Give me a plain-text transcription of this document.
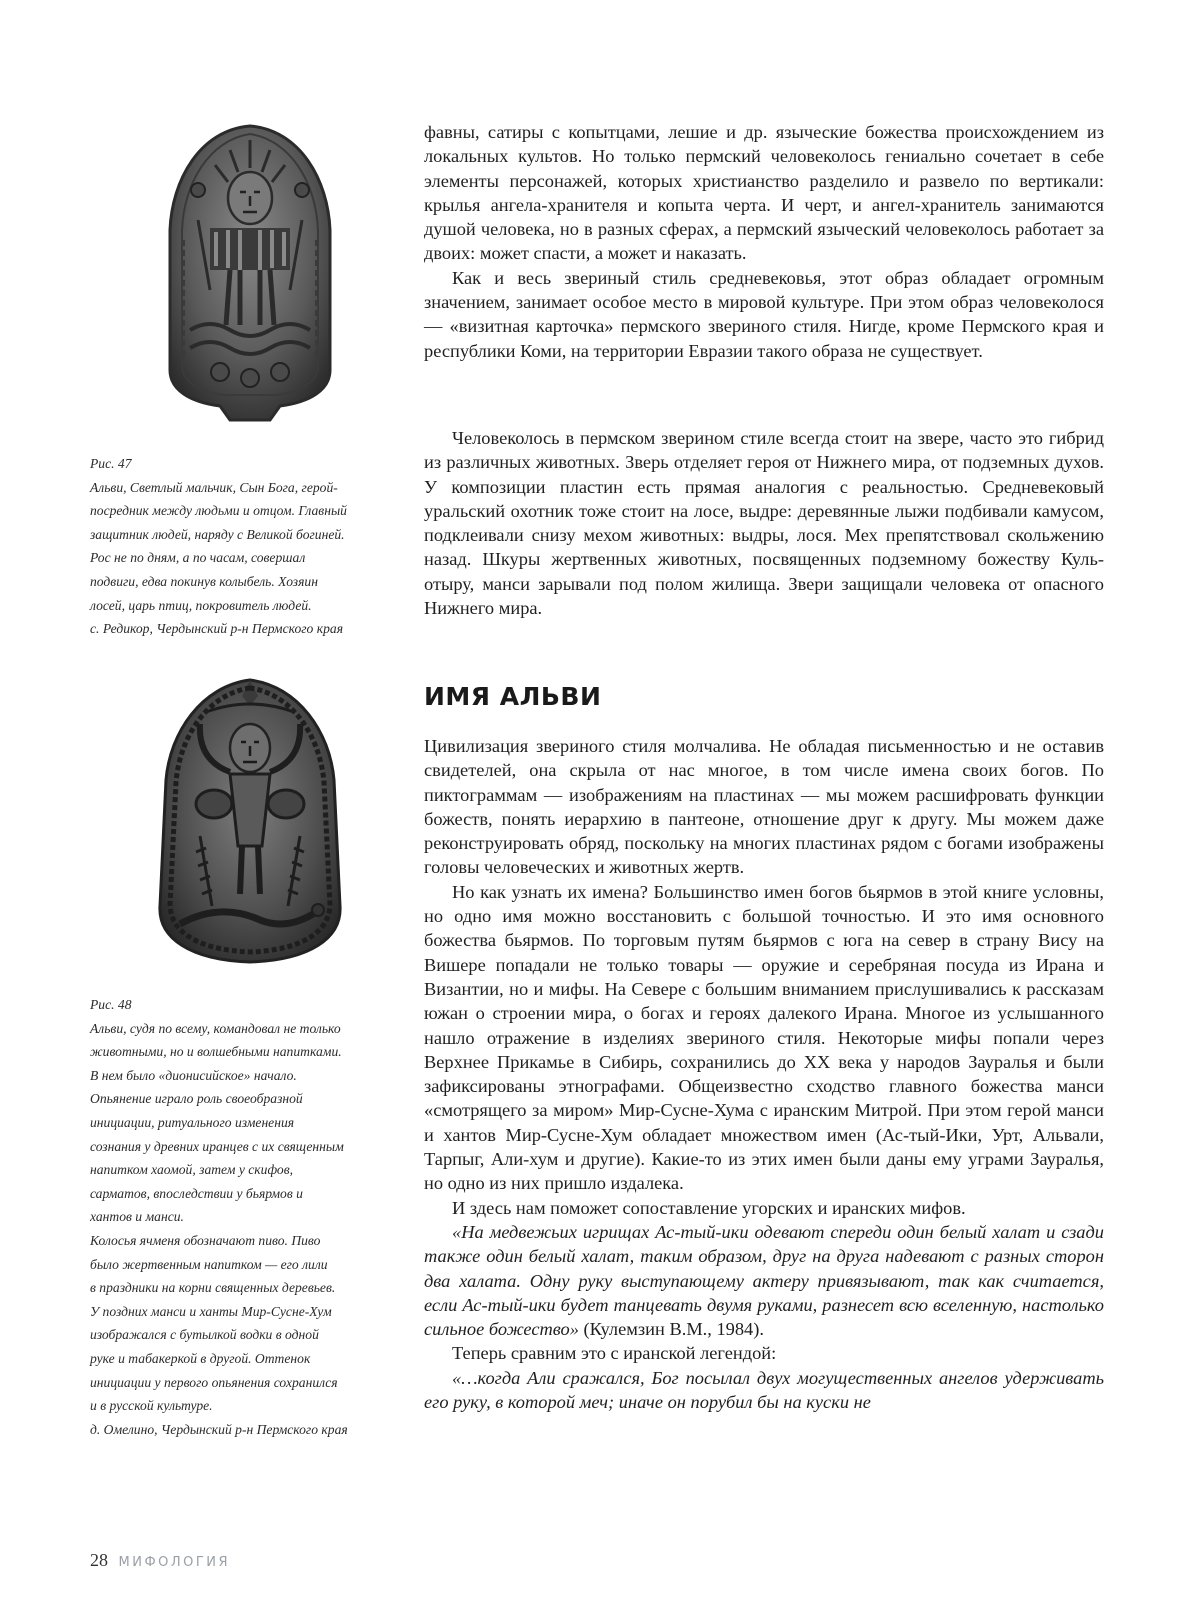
Рис. 47

Альви, Светлый мальчик, Сын Бога, герой-

посредник между людьми и отцом. Главный

защитник людей, наряду с Великой богиней.

Рос не по дням, а по часам, совершал

подвиги, едва покинув колыбель. Хозяин

лосей, царь птиц, покровитель людей.

с. Редикор, Чердынский р-н Пермского края

Рис. 48

Альви, судя по всему, командовал не только

животными, но и волшебными напитками.

В нем было «дионисийское» начало.

Опьянение играло роль своеобразной

инициации, ритуального изменения

сознания у древних иранцев с их священным

напитком хаомой, затем у скифов,

сарматов, впоследствии у бьярмов и

хантов и манси.

Колосья ячменя обозначают пиво. Пиво

было жертвенным напитком — его лили

в праздники на корни священных деревьев.

У поздних манси и ханты Мир-Сусне-Хум

изображался с бутылкой водки в одной

руке и табакеркой в другой. Оттенок

инициации у первого опьянения сохранился

и в русской культуре.

д. Омелино, Чердынский р-н Пермского края

фавны, сатиры с копытцами, лешие и др. языческие божества происхождением из локальных культов. Но только пермский человеколось гениально сочетает в себе элементы персонажей, которых христианство разделило и развело по вертикали: крылья ангела-хранителя и копыта черта. И черт, и ангел-хранитель занимаются душой человека, но в разных сферах, а пермский языческий человеколось работает за двоих: может спасти, а может и наказать.

Как и весь звериный стиль средневековья, этот образ обладает огромным значением, занимает особое место в мировой культуре. При этом образ человеколося — «визитная карточка» пермского звериного стиля. Нигде, кроме Пермского края и республики Коми, на территории Евразии такого образа не существует.

Человеколось в пермском зверином стиле всегда стоит на звере, часто это гибрид из различных животных. Зверь отделяет героя от Нижнего мира, от подземных духов. У композиции пластин есть прямая аналогия с реальностью. Средневековый уральский охотник тоже стоит на лосе, выдре: деревянные лыжи подбивали камусом, подклеивали снизу мехом животных: выдры, лося. Мех препятствовал скольжению назад. Шкуры жертвенных животных, посвященных подземному божеству Куль-отыру, манси зарывали под полом жилища. Звери защищали человека от опасного Нижнего мира.

ИМЯ АЛЬВИ

Цивилизация звериного стиля молчалива. Не обладая письменностью и не оставив свидетелей, она скрыла от нас многое, в том числе имена своих богов. По пиктограммам — изображениям на пластинах — мы можем расшифровать функции божеств, понять иерархию в пантеоне, отношение друг к другу. Мы можем даже реконструировать обряд, поскольку на многих пластинах рядом с богами изображены головы человеческих и животных жертв.

Но как узнать их имена? Большинство имен богов бьярмов в этой книге условны, но одно имя можно восстановить с большой точностью. И это имя основного божества бьярмов. По торговым путям бьярмов с юга на север в страну Вису на Вишере попадали не только товары — оружие и серебряная посуда из Ирана и Византии, но и мифы. На Севере с большим вниманием прислушивались к рассказам южан о строении мира, о богах и героях далекого Ирана. Многое из услышанного нашло отражение в изделиях звериного стиля. Некоторые мифы попали через Верхнее Прикамье в Сибирь, сохранились до XX века у народов Зауралья и были зафиксированы этнографами. Общеизвестно сходство главного божества манси «смотрящего за миром» Мир-Сусне-Хума с иранским Митрой. При этом герой манси и хантов Мир-Сусне-Хум обладает множеством имен (Ас-тый-Ики, Урт, Альвали, Тарпыг, Али-хум и другие). Какие-то из этих имен были даны ему уграми Зауралья, но одно из них пришло издалека.

И здесь нам поможет сопоставление угорских и иранских мифов.

«На медвежьих игрищах Ас-тый-ики одевают спереди один белый халат и сзади также один белый халат, таким образом, друг на друга надевают с разных сторон два халата. Одну руку выступающему актеру привязывают, так как считается, если Ас-тый-ики будет танцевать двумя руками, разнесет всю вселенную, настолько сильное божество» (Кулемзин В.М., 1984).

Теперь сравним это с иранской легендой:

«…когда Али сражался, Бог посылал двух могущественных ангелов удерживать его руку, в которой меч; иначе он порубил бы на куски не

28 МИФОЛОГИЯ
